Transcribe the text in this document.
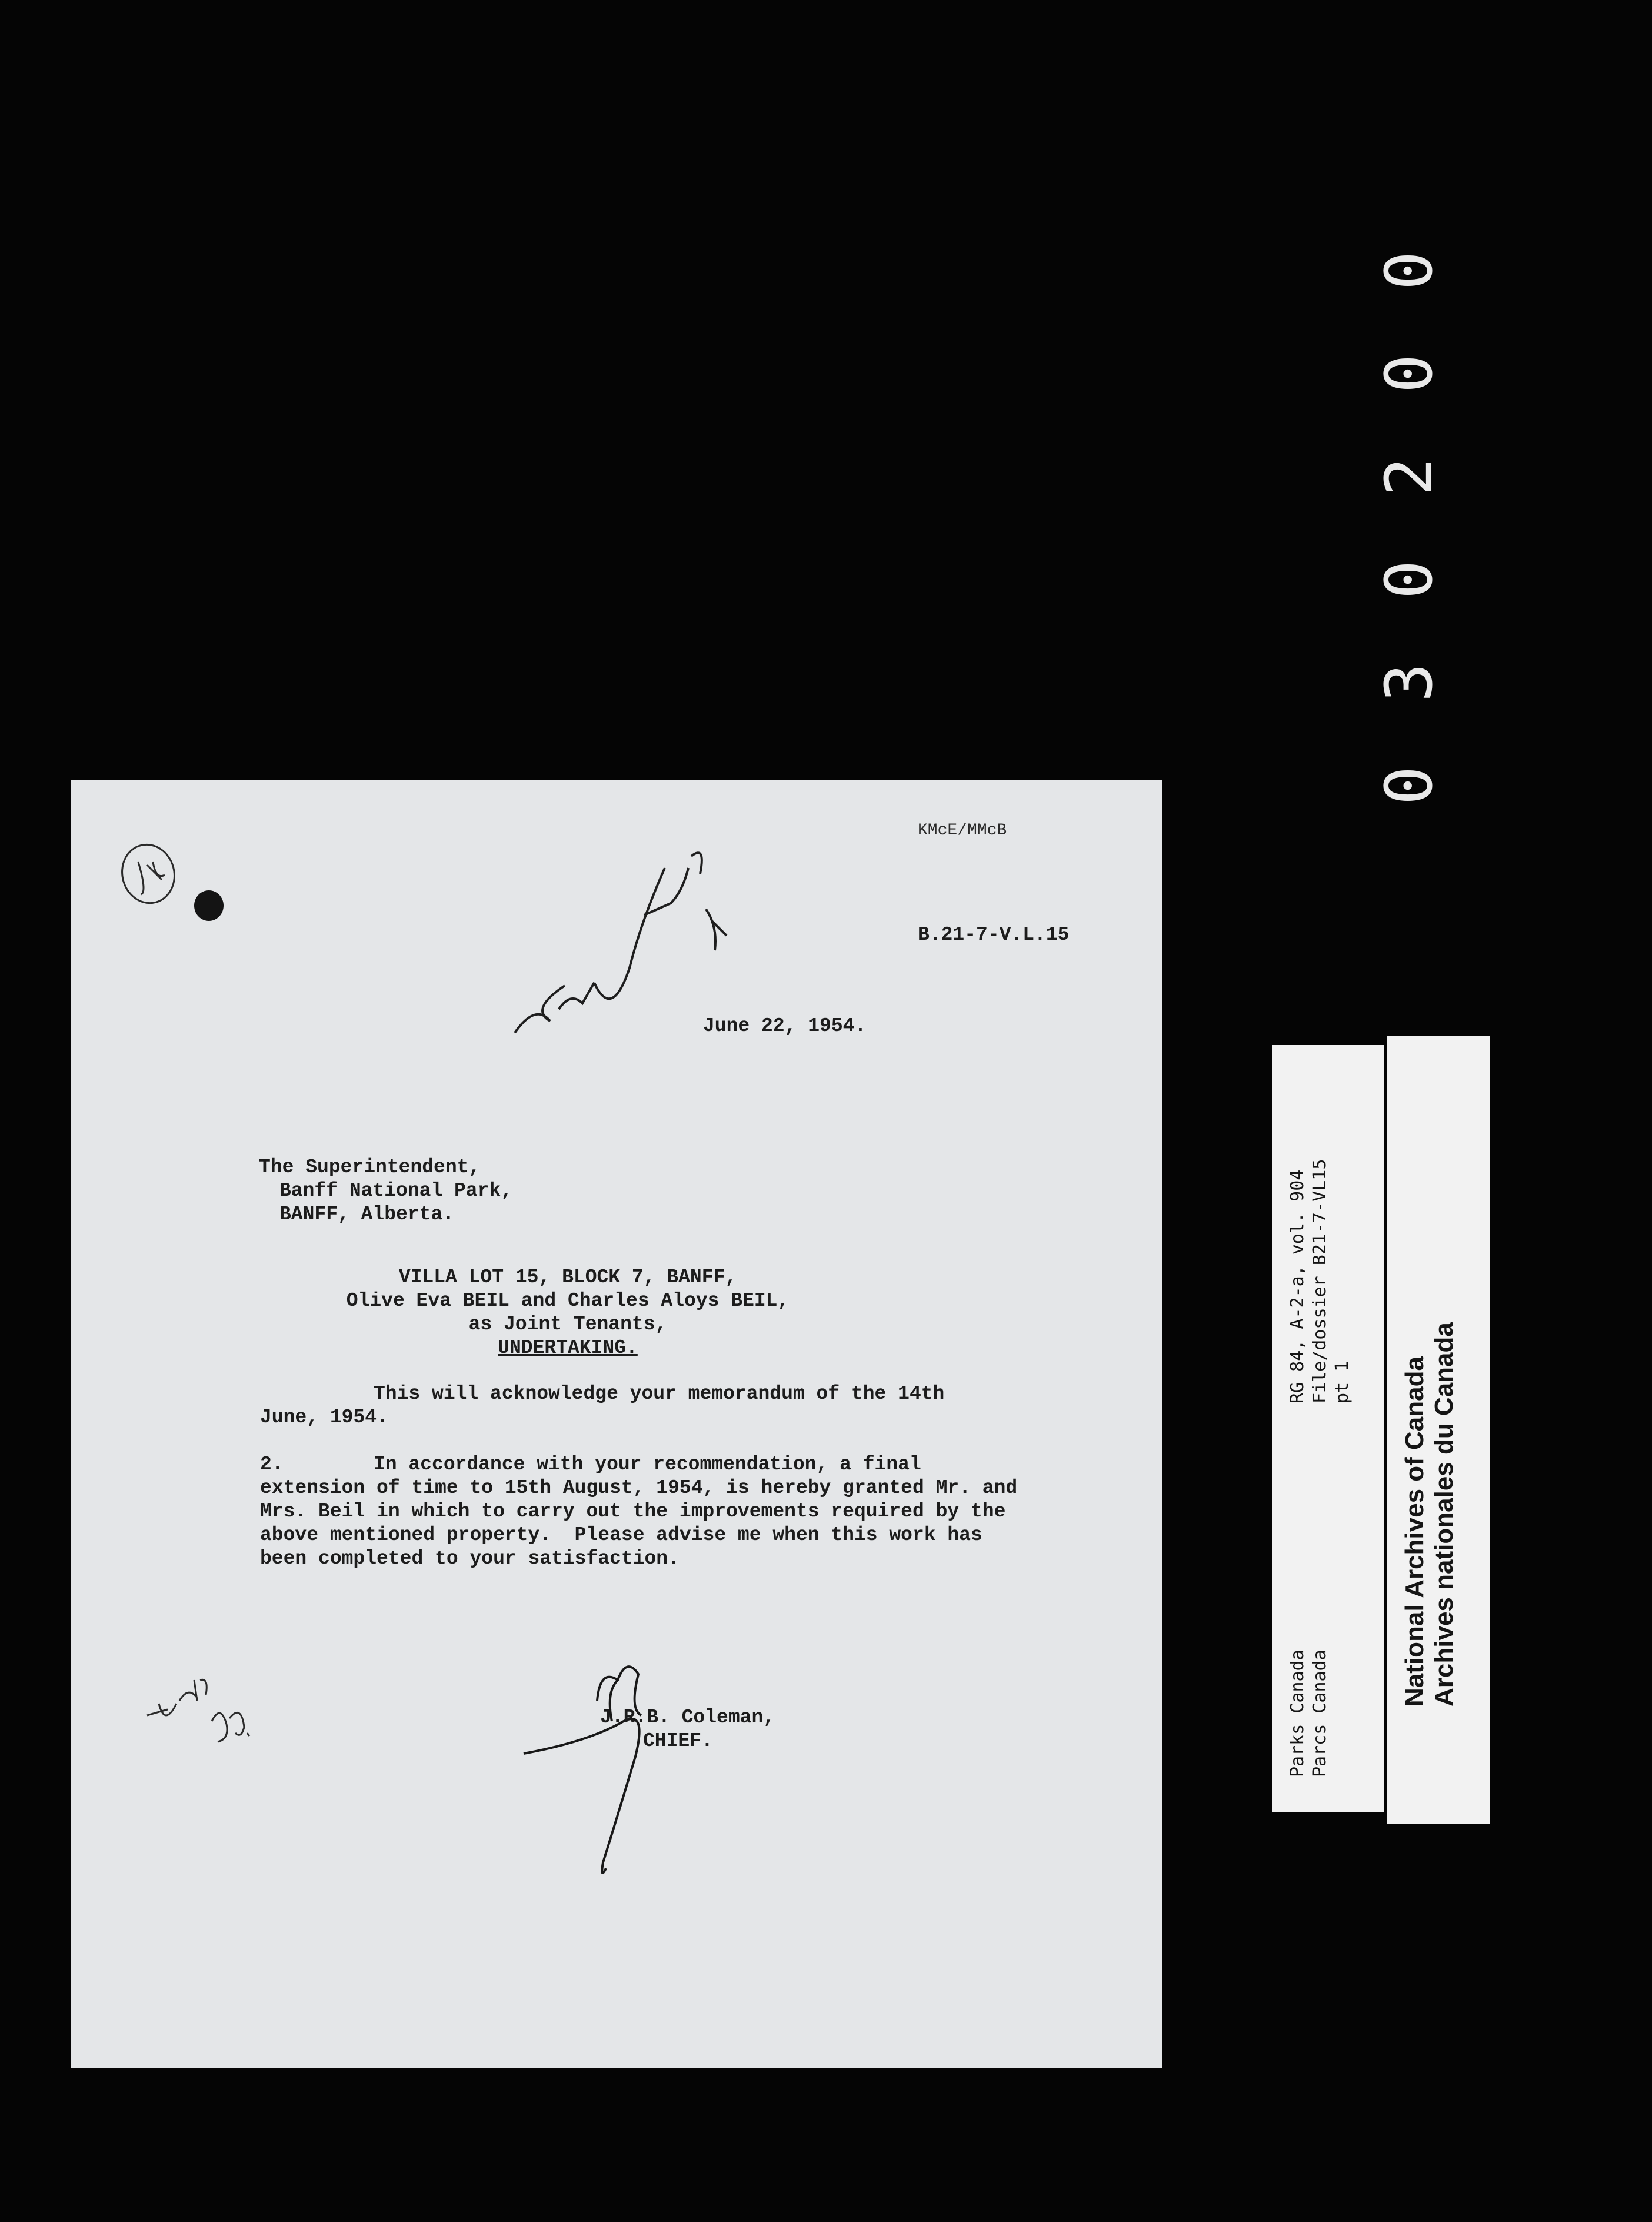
0
0
2
0
3
0
KMcE/MMcB
B.21-7-V.L.15
June 22, 1954.
The Superintendent,
Banff National Park,
BANFF, Alberta.
VILLA LOT 15, BLOCK 7, BANFF,
Olive Eva BEIL and Charles Aloys BEIL,
as Joint Tenants,
UNDERTAKING.
This will acknowledge your memorandum of the 14th
June, 1954.
2.	In accordance with your recommendation, a final
extension of time to 15th August, 1954, is hereby granted Mr. and
Mrs. Beil in which to carry out the improvements required by the
above mentioned property.  Please advise me when this work has
been completed to your satisfaction.
J.R.B. Coleman,
CHIEF.
RG 84, A-2-a, vol. 904 File/dossier B21-7-VL15 pt 1
Parks Canada Parcs Canada
National Archives of Canada Archives nationales du Canada
